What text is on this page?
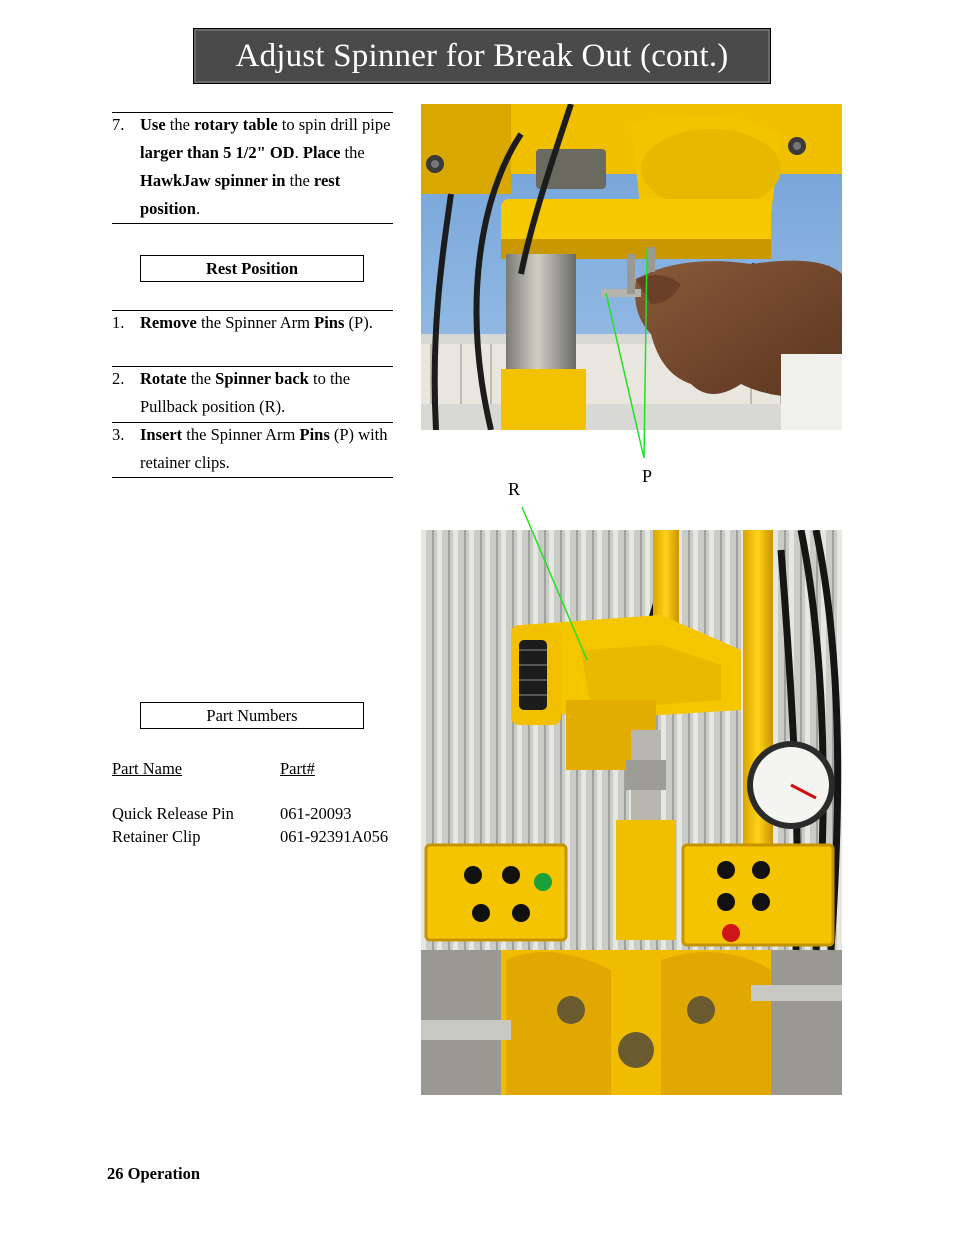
Adjust Spinner for Break Out (cont.)
7. Use the rotary table to spin drill pipe larger than 5 1/2" OD. Place the HawkJaw spinner in the rest position.
Rest Position
1. Remove the Spinner Arm Pins (P).
2. Rotate the Spinner back to the Pullback position (R).
3. Insert the Spinner Arm Pins (P) with retainer clips.
Part Numbers
Part Name	Part#
Quick Release Pin	061-20093
Retainer Clip	061-92391A056
P
R
26 Operation
